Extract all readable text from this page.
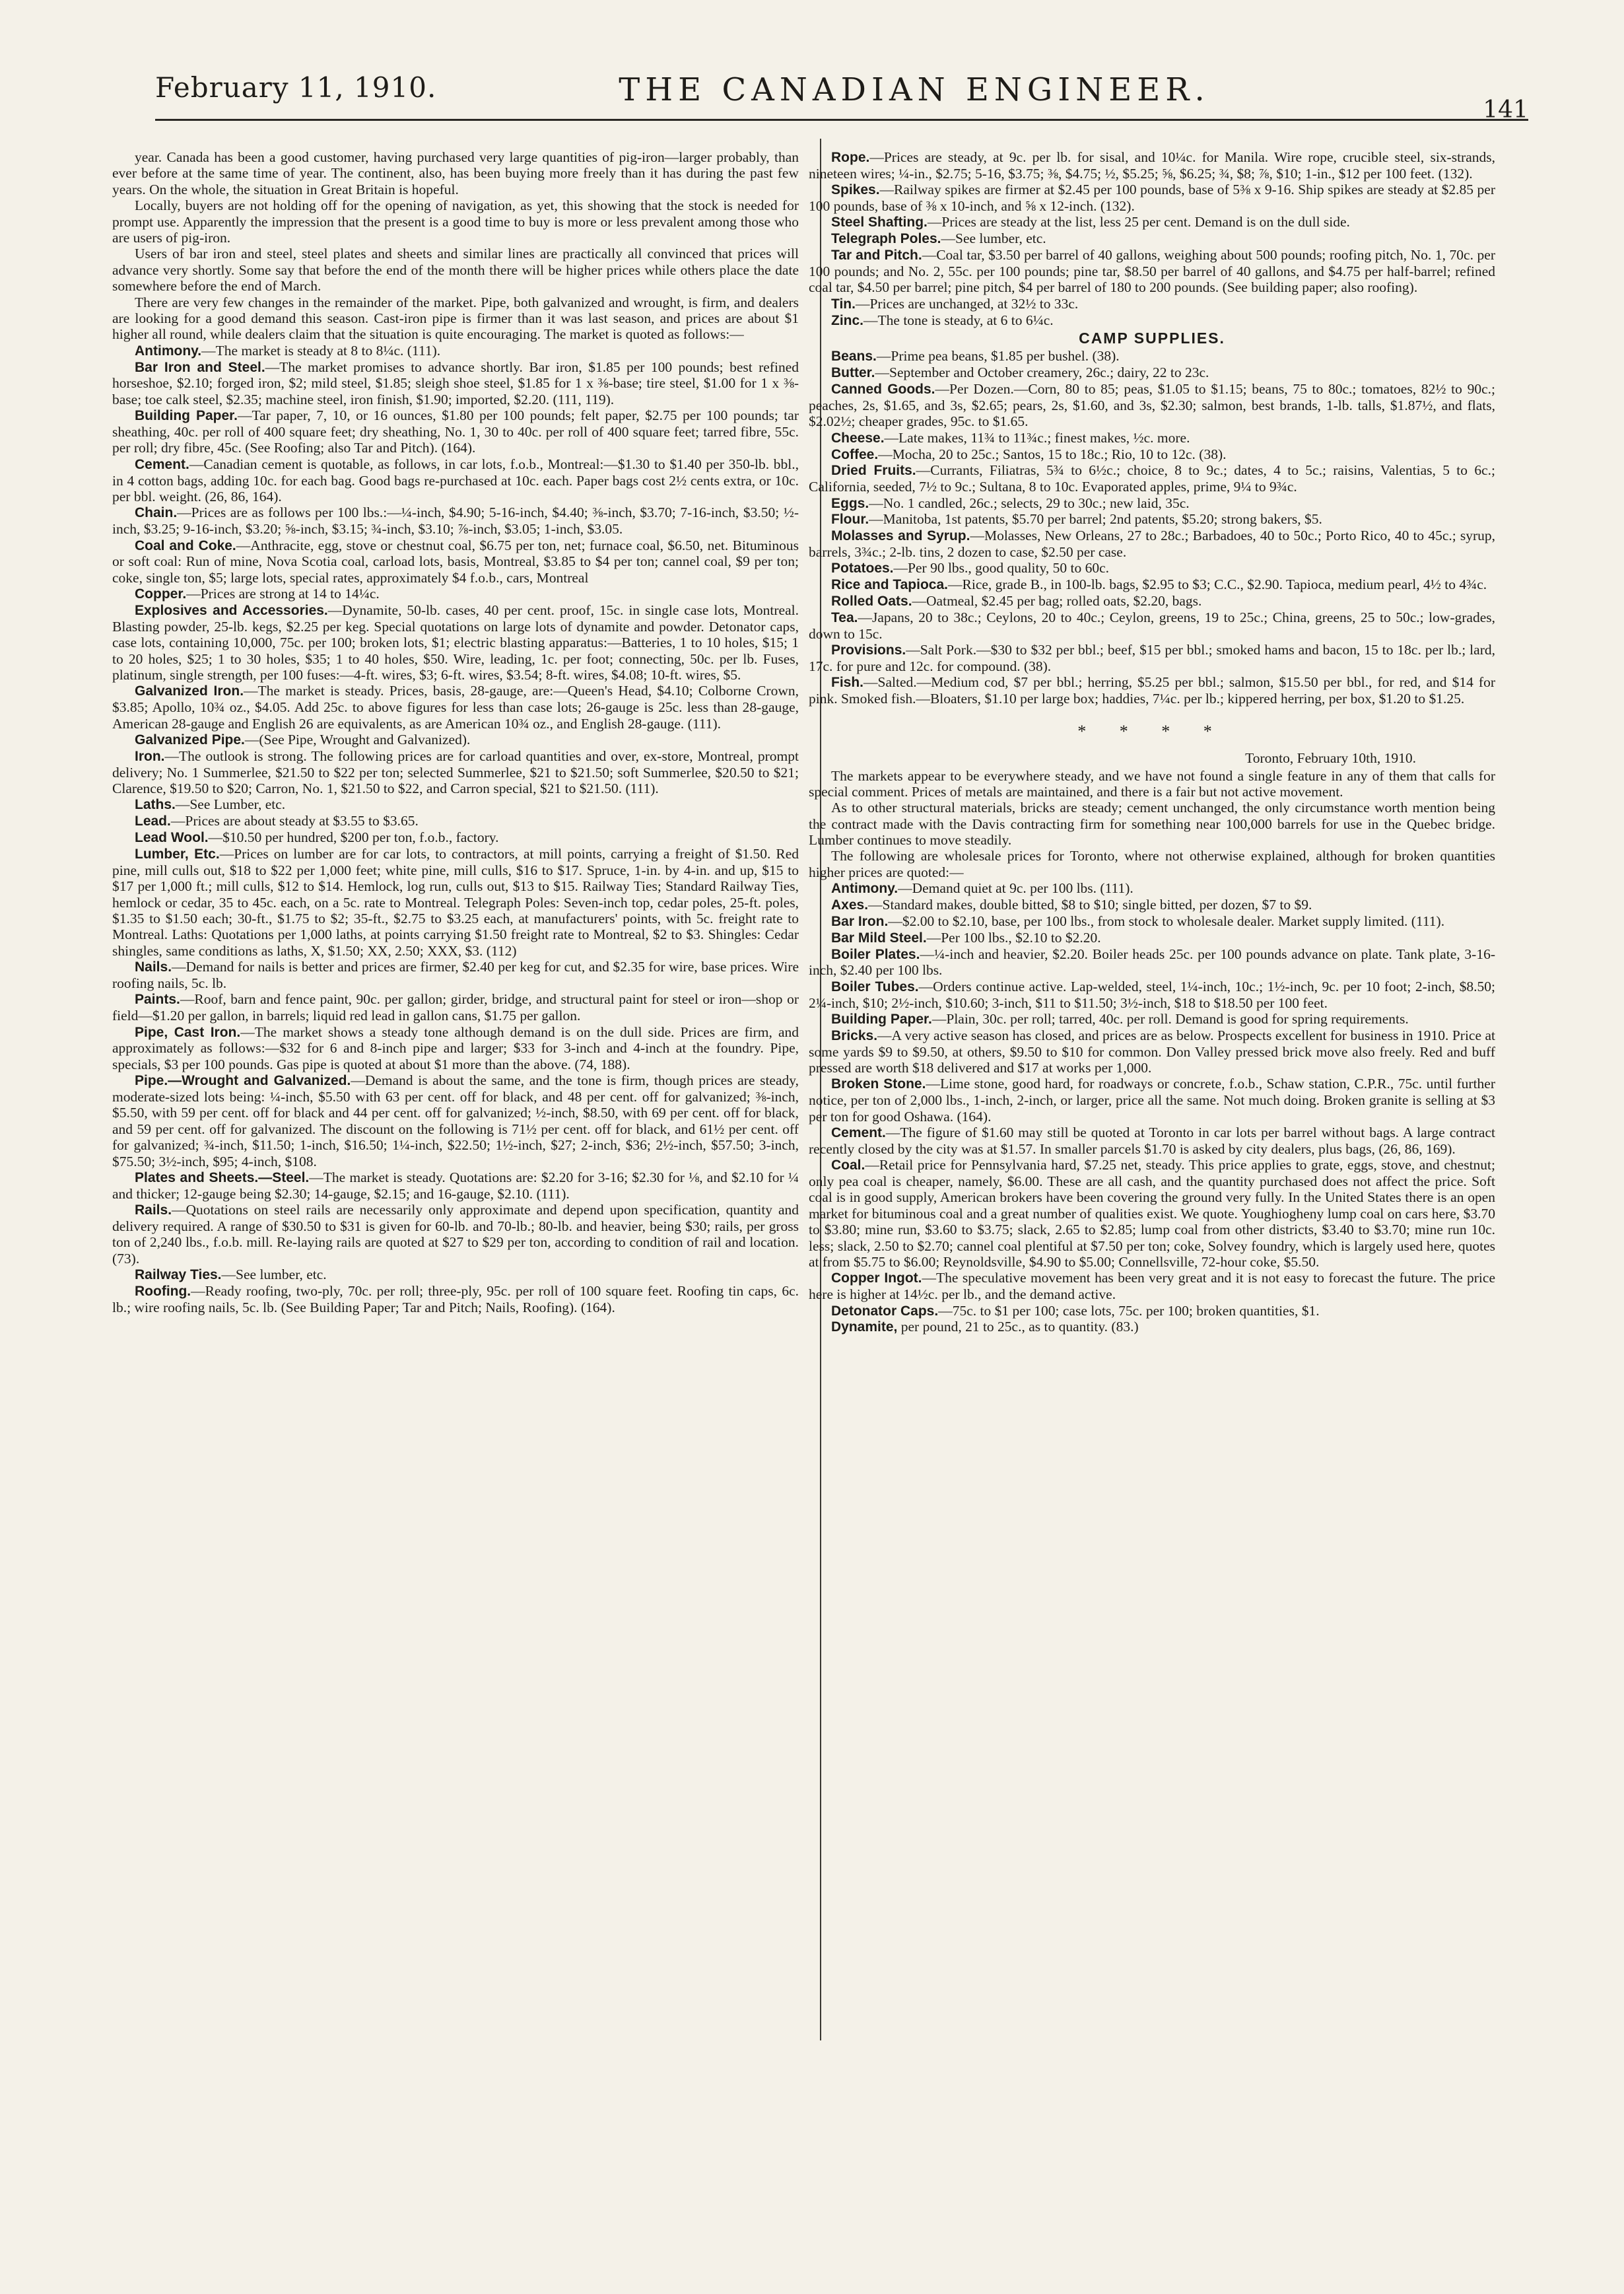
February 11, 1910.	THE CANADIAN ENGINEER.
141

year. Canada has been a good customer, having purchased very large quantities of pig-iron—larger probably, than ever before at the same time of year. The continent, also, has been buying more freely than it has during the past few years. On the whole, the situation in Great Britain is hopeful.

Locally, buyers are not holding off for the opening of navigation, as yet, this showing that the stock is needed for prompt use. Apparently the impression that the present is a good time to buy is more or less prevalent among those who are users of pig-iron.

Users of bar iron and steel, steel plates and sheets and similar lines are practically all convinced that prices will advance very shortly. Some say that before the end of the month there will be higher prices while others place the date somewhere before the end of March.

There are very few changes in the remainder of the market. Pipe, both galvanized and wrought, is firm, and dealers are looking for a good demand this season. Cast-iron pipe is firmer than it was last season, and prices are about $1 higher all round, while dealers claim that the situation is quite encouraging. The market is quoted as follows:—

Antimony.—The market is steady at 8 to 8¼c. (111).

Bar Iron and Steel.—The market promises to advance shortly. Bar iron, $1.85 per 100 pounds; best refined horseshoe, $2.10; forged iron, $2; mild steel, $1.85; sleigh shoe steel, $1.85 for 1 x ⅜-base; tire steel, $1.00 for 1 x ⅜-base; toe calk steel, $2.35; machine steel, iron finish, $1.90; imported, $2.20. (111, 119).

Building Paper.—Tar paper, 7, 10, or 16 ounces, $1.80 per 100 pounds; felt paper, $2.75 per 100 pounds; tar sheathing, 40c. per roll of 400 square feet; dry sheathing, No. 1, 30 to 40c. per roll of 400 square feet; tarred fibre, 55c. per roll; dry fibre, 45c. (See Roofing; also Tar and Pitch). (164).

Cement.—Canadian cement is quotable, as follows, in car lots, f.o.b., Montreal:—$1.30 to $1.40 per 350-lb. bbl., in 4 cotton bags, adding 10c. for each bag. Good bags re-purchased at 10c. each. Paper bags cost 2½ cents extra, or 10c. per bbl. weight. (26, 86, 164).

Chain.—Prices are as follows per 100 lbs.:—¼-inch, $4.90; 5-16-inch, $4.40; ⅜-inch, $3.70; 7-16-inch, $3.50; ½-inch, $3.25; 9-16-inch, $3.20; ⅝-inch, $3.15; ¾-inch, $3.10; ⅞-inch, $3.05; 1-inch, $3.05.

Coal and Coke.—Anthracite, egg, stove or chestnut coal, $6.75 per ton, net; furnace coal, $6.50, net. Bituminous or soft coal: Run of mine, Nova Scotia coal, carload lots, basis, Montreal, $3.85 to $4 per ton; cannel coal, $9 per ton; coke, single ton, $5; large lots, special rates, approximately $4 f.o.b., cars, Montreal

Copper.—Prices are strong at 14 to 14¼c.

Explosives and Accessories.—Dynamite, 50-lb. cases, 40 per cent. proof, 15c. in single case lots, Montreal. Blasting powder, 25-lb. kegs, $2.25 per keg. Special quotations on large lots of dynamite and powder. Detonator caps, case lots, containing 10,000, 75c. per 100; broken lots, $1; electric blasting apparatus:—Batteries, 1 to 10 holes, $15; 1 to 20 holes, $25; 1 to 30 holes, $35; 1 to 40 holes, $50. Wire, leading, 1c. per foot; connecting, 50c. per lb. Fuses, platinum, single strength, per 100 fuses:—4-ft. wires, $3; 6-ft. wires, $3.54; 8-ft. wires, $4.08; 10-ft. wires, $5.

Galvanized Iron.—The market is steady. Prices, basis, 28-gauge, are:—Queen's Head, $4.10; Colborne Crown, $3.85; Apollo, 10¾ oz., $4.05. Add 25c. to above figures for less than case lots; 26-gauge is 25c. less than 28-gauge, American 28-gauge and English 26 are equivalents, as are American 10¾ oz., and English 28-gauge. (111).

Galvanized Pipe.—(See Pipe, Wrought and Galvanized).

Iron.—The outlook is strong. The following prices are for carload quantities and over, ex-store, Montreal, prompt delivery; No. 1 Summerlee, $21.50 to $22 per ton; selected Summerlee, $21 to $21.50; soft Summerlee, $20.50 to $21; Clarence, $19.50 to $20; Carron, No. 1, $21.50 to $22, and Carron special, $21 to $21.50. (111).

Laths.—See Lumber, etc.

Lead.—Prices are about steady at $3.55 to $3.65.

Lead Wool.—$10.50 per hundred, $200 per ton, f.o.b., factory.

Lumber, Etc.—Prices on lumber are for car lots, to contractors, at mill points, carrying a freight of $1.50. Red pine, mill culls out, $18 to $22 per 1,000 feet; white pine, mill culls, $16 to $17. Spruce, 1-in. by 4-in. and up, $15 to $17 per 1,000 ft.; mill culls, $12 to $14. Hemlock, log run, culls out, $13 to $15. Railway Ties; Standard Railway Ties, hemlock or cedar, 35 to 45c. each, on a 5c. rate to Montreal. Telegraph Poles: Seven-inch top, cedar poles, 25-ft. poles, $1.35 to $1.50 each; 30-ft., $1.75 to $2; 35-ft., $2.75 to $3.25 each, at manufacturers' points, with 5c. freight rate to Montreal. Laths: Quotations per 1,000 laths, at points carrying $1.50 freight rate to Montreal, $2 to $3. Shingles: Cedar shingles, same conditions as laths, X, $1.50; XX, 2.50; XXX, $3. (112)

Nails.—Demand for nails is better and prices are firmer, $2.40 per keg for cut, and $2.35 for wire, base prices. Wire roofing nails, 5c. lb.

Paints.—Roof, barn and fence paint, 90c. per gallon; girder, bridge, and structural paint for steel or iron—shop or field—$1.20 per gallon, in barrels; liquid red lead in gallon cans, $1.75 per gallon.

Pipe, Cast Iron.—The market shows a steady tone although demand is on the dull side. Prices are firm, and approximately as follows:—$32 for 6 and 8-inch pipe and larger; $33 for 3-inch and 4-inch at the foundry. Pipe, specials, $3 per 100 pounds. Gas pipe is quoted at about $1 more than the above. (74, 188).

Pipe.—Wrought and Galvanized.—Demand is about the same, and the tone is firm, though prices are steady, moderate-sized lots being: ¼-inch, $5.50 with 63 per cent. off for black, and 48 per cent. off for galvanized; ⅜-inch, $5.50, with 59 per cent. off for black and 44 per cent. off for galvanized; ½-inch, $8.50, with 69 per cent. off for black, and 59 per cent. off for galvanized. The discount on the following is 71½ per cent. off for black, and 61½ per cent. off for galvanized; ¾-inch, $11.50; 1-inch, $16.50; 1¼-inch, $22.50; 1½-inch, $27; 2-inch, $36; 2½-inch, $57.50; 3-inch, $75.50; 3½-inch, $95; 4-inch, $108.

Plates and Sheets.—Steel.—The market is steady. Quotations are: $2.20 for 3-16; $2.30 for ⅛, and $2.10 for ¼ and thicker; 12-gauge being $2.30; 14-gauge, $2.15; and 16-gauge, $2.10. (111).

Rails.—Quotations on steel rails are necessarily only approximate and depend upon specification, quantity and delivery required. A range of $30.50 to $31 is given for 60-lb. and 70-lb.; 80-lb. and heavier, being $30; rails, per gross ton of 2,240 lbs., f.o.b. mill. Re-laying rails are quoted at $27 to $29 per ton, according to condition of rail and location. (73).

Railway Ties.—See lumber, etc.

Roofing.—Ready roofing, two-ply, 70c. per roll; three-ply, 95c. per roll of 100 square feet. Roofing tin caps, 6c. lb.; wire roofing nails, 5c. lb. (See Building Paper; Tar and Pitch; Nails, Roofing). (164).

Rope.—Prices are steady, at 9c. per lb. for sisal, and 10¼c. for Manila. Wire rope, crucible steel, six-strands, nineteen wires; ¼-in., $2.75; 5-16, $3.75; ⅜, $4.75; ½, $5.25; ⅝, $6.25; ¾, $8; ⅞, $10; 1-in., $12 per 100 feet. (132).

Spikes.—Railway spikes are firmer at $2.45 per 100 pounds, base of 5⅜ x 9-16. Ship spikes are steady at $2.85 per 100 pounds, base of ⅜ x 10-inch, and ⅝ x 12-inch. (132).

Steel Shafting.—Prices are steady at the list, less 25 per cent. Demand is on the dull side.

Telegraph Poles.—See lumber, etc.

Tar and Pitch.—Coal tar, $3.50 per barrel of 40 gallons, weighing about 500 pounds; roofing pitch, No. 1, 70c. per 100 pounds; and No. 2, 55c. per 100 pounds; pine tar, $8.50 per barrel of 40 gallons, and $4.75 per half-barrel; refined coal tar, $4.50 per barrel; pine pitch, $4 per barrel of 180 to 200 pounds. (See building paper; also roofing).

Tin.—Prices are unchanged, at 32½ to 33c.

Zinc.—The tone is steady, at 6 to 6¼c.

CAMP SUPPLIES.

Beans.—Prime pea beans, $1.85 per bushel. (38).

Butter.—September and October creamery, 26c.; dairy, 22 to 23c.

Canned Goods.—Per Dozen.—Corn, 80 to 85; peas, $1.05 to $1.15; beans, 75 to 80c.; tomatoes, 82½ to 90c.; peaches, 2s, $1.65, and 3s, $2.65; pears, 2s, $1.60, and 3s, $2.30; salmon, best brands, 1-lb. talls, $1.87½, and flats, $2.02½; cheaper grades, 95c. to $1.65.

Cheese.—Late makes, 11¾ to 11¾c.; finest makes, ½c. more.

Coffee.—Mocha, 20 to 25c.; Santos, 15 to 18c.; Rio, 10 to 12c. (38).

Dried Fruits.—Currants, Filiatras, 5¾ to 6½c.; choice, 8 to 9c.; dates, 4 to 5c.; raisins, Valentias, 5 to 6c.; California, seeded, 7½ to 9c.; Sultana, 8 to 10c. Evaporated apples, prime, 9¼ to 9¾c.

Eggs.—No. 1 candled, 26c.; selects, 29 to 30c.; new laid, 35c.

Flour.—Manitoba, 1st patents, $5.70 per barrel; 2nd patents, $5.20; strong bakers, $5.

Molasses and Syrup.—Molasses, New Orleans, 27 to 28c.; Barbadoes, 40 to 50c.; Porto Rico, 40 to 45c.; syrup, barrels, 3¾c.; 2-lb. tins, 2 dozen to case, $2.50 per case.

Potatoes.—Per 90 lbs., good quality, 50 to 60c.

Rice and Tapioca.—Rice, grade B., in 100-lb. bags, $2.95 to $3; C.C., $2.90. Tapioca, medium pearl, 4½ to 4¾c.

Rolled Oats.—Oatmeal, $2.45 per bag; rolled oats, $2.20, bags.

Tea.—Japans, 20 to 38c.; Ceylons, 20 to 40c.; Ceylon, greens, 19 to 25c.; China, greens, 25 to 50c.; low-grades, down to 15c.

Provisions.—Salt Pork.—$30 to $32 per bbl.; beef, $15 per bbl.; smoked hams and bacon, 15 to 18c. per lb.; lard, 17c. for pure and 12c. for compound. (38).

Fish.—Salted.—Medium cod, $7 per bbl.; herring, $5.25 per bbl.; salmon, $15.50 per bbl., for red, and $14 for pink. Smoked fish.—Bloaters, $1.10 per large box; haddies, 7¼c. per lb.; kippered herring, per box, $1.20 to $1.25.

* * * *
Toronto, February 10th, 1910.

The markets appear to be everywhere steady, and we have not found a single feature in any of them that calls for special comment. Prices of metals are maintained, and there is a fair but not active movement.

As to other structural materials, bricks are steady; cement unchanged, the only circumstance worth mention being the contract made with the Davis contracting firm for something near 100,000 barrels for use in the Quebec bridge. Lumber continues to move steadily.

The following are wholesale prices for Toronto, where not otherwise explained, although for broken quantities higher prices are quoted:—

Antimony.—Demand quiet at 9c. per 100 lbs. (111).

Axes.—Standard makes, double bitted, $8 to $10; single bitted, per dozen, $7 to $9.

Bar Iron.—$2.00 to $2.10, base, per 100 lbs., from stock to wholesale dealer. Market supply limited. (111).

Bar Mild Steel.—Per 100 lbs., $2.10 to $2.20.

Boiler Plates.—¼-inch and heavier, $2.20. Boiler heads 25c. per 100 pounds advance on plate. Tank plate, 3-16-inch, $2.40 per 100 lbs.

Boiler Tubes.—Orders continue active. Lap-welded, steel, 1¼-inch, 10c.; 1½-inch, 9c. per 10 foot; 2-inch, $8.50; 2¼-inch, $10; 2½-inch, $10.60; 3-inch, $11 to $11.50; 3½-inch, $18 to $18.50 per 100 feet.

Building Paper.—Plain, 30c. per roll; tarred, 40c. per roll. Demand is good for spring requirements.

Bricks.—A very active season has closed, and prices are as below. Prospects excellent for business in 1910. Price at some yards $9 to $9.50, at others, $9.50 to $10 for common. Don Valley pressed brick move also freely. Red and buff pressed are worth $18 delivered and $17 at works per 1,000.

Broken Stone.—Lime stone, good hard, for roadways or concrete, f.o.b., Schaw station, C.P.R., 75c. until further notice, per ton of 2,000 lbs., 1-inch, 2-inch, or larger, price all the same. Not much doing. Broken granite is selling at $3 per ton for good Oshawa. (164).

Cement.—The figure of $1.60 may still be quoted at Toronto in car lots per barrel without bags. A large contract recently closed by the city was at $1.57. In smaller parcels $1.70 is asked by city dealers, plus bags, (26, 86, 169).

Coal.—Retail price for Pennsylvania hard, $7.25 net, steady. This price applies to grate, eggs, stove, and chestnut; only pea coal is cheaper, namely, $6.00. These are all cash, and the quantity purchased does not affect the price. Soft coal is in good supply, American brokers have been covering the ground very fully. In the United States there is an open market for bituminous coal and a great number of qualities exist. We quote. Youghiogheny lump coal on cars here, $3.70 to $3.80; mine run, $3.60 to $3.75; slack, 2.65 to $2.85; lump coal from other districts, $3.40 to $3.70; mine run 10c. less; slack, 2.50 to $2.70; cannel coal plentiful at $7.50 per ton; coke, Solvey foundry, which is largely used here, quotes at from $5.75 to $6.00; Reynoldsville, $4.90 to $5.00; Connellsville, 72-hour coke, $5.50.

Copper Ingot.—The speculative movement has been very great and it is not easy to forecast the future. The price here is higher at 14½c. per lb., and the demand active.

Detonator Caps.—75c. to $1 per 100; case lots, 75c. per 100; broken quantities, $1.

Dynamite, per pound, 21 to 25c., as to quantity. (83.)
